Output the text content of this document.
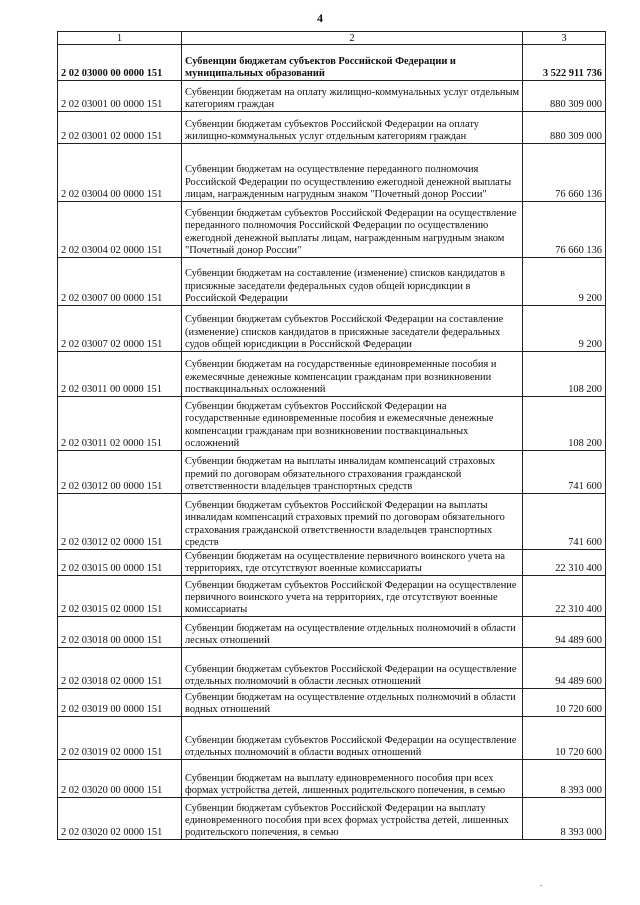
4
1	2	3
2 02 03000 00 0000 151	Субвенции бюджетам субъектов Российской Федерации и муниципальных образований	3 522 911 736
2 02 03001 00 0000 151	Субвенции бюджетам на оплату жилищно-коммунальных услуг отдельным категориям граждан	880 309 000
2 02 03001 02 0000 151	Субвенции бюджетам субъектов Российской Федерации на оплату жилищно-коммунальных услуг отдельным категориям граждан	880 309 000
2 02 03004 00 0000 151	Субвенции бюджетам на осуществление переданного полномочия Российской Федерации по осуществлению ежегодной денежной выплаты лицам, награжденным нагрудным знаком "Почетный донор России"	76 660 136
2 02 03004 02 0000 151	Субвенции бюджетам субъектов Российской Федерации на осуществление переданного полномочия Российской Федерации по осуществлению ежегодной денежной выплаты лицам, награжденным нагрудным знаком "Почетный донор России"	76 660 136
2 02 03007 00 0000 151	Субвенции бюджетам на составление (изменение) списков кандидатов в присяжные заседатели федеральных судов общей юрисдикции в Российской Федерации	9 200
2 02 03007 02 0000 151	Субвенции бюджетам субъектов Российской Федерации на составление (изменение) списков кандидатов в присяжные заседатели федеральных судов общей юрисдикции в Российской Федерации	9 200
2 02 03011 00 0000 151	Субвенции бюджетам на государственные единовременные пособия и ежемесячные денежные компенсации гражданам при возникновении поствакцинальных осложнений	108 200
2 02 03011 02 0000 151	Субвенции бюджетам субъектов Российской Федерации на государственные единовременные пособия и ежемесячные денежные компенсации гражданам при возникновении поствакцинальных осложнений	108 200
2 02 03012 00 0000 151	Субвенции бюджетам на выплаты инвалидам компенсаций страховых премий по договорам обязательного страхования гражданской ответственности владельцев транспортных средств	741 600
2 02 03012 02 0000 151	Субвенции бюджетам субъектов Российской Федерации на выплаты инвалидам компенсаций страховых премий по договорам обязательного страхования гражданской ответственности владельцев транспортных средств	741 600
2 02 03015 00 0000 151	Субвенции бюджетам на осуществление первичного воинского учета на территориях, где отсутствуют военные комиссариаты	22 310 400
2 02 03015 02 0000 151	Субвенции бюджетам субъектов Российской Федерации на осуществление первичного воинского учета на территориях, где отсутствуют военные комиссариаты	22 310 400
2 02 03018 00 0000 151	Субвенции бюджетам на осуществление отдельных полномочий в области лесных отношений	94 489 600
2 02 03018 02 0000 151	Субвенции бюджетам субъектов Российской Федерации на осуществление отдельных полномочий в области лесных отношений	94 489 600
2 02 03019 00 0000 151	Субвенции бюджетам на осуществление отдельных полномочий в области водных отношений	10 720 600
2 02 03019 02 0000 151	Субвенции бюджетам субъектов Российской Федерации на осуществление отдельных полномочий в области водных отношений	10 720 600
2 02 03020 00 0000 151	Субвенции бюджетам на выплату единовременного пособия при всех формах устройства детей, лишенных родительского попечения, в семью	8 393 000
2 02 03020 02 0000 151	Субвенции бюджетам субъектов Российской Федерации на выплату единовременного пособия при всех формах устройства детей, лишенных родительского попечения, в семью	8 393 000
.
